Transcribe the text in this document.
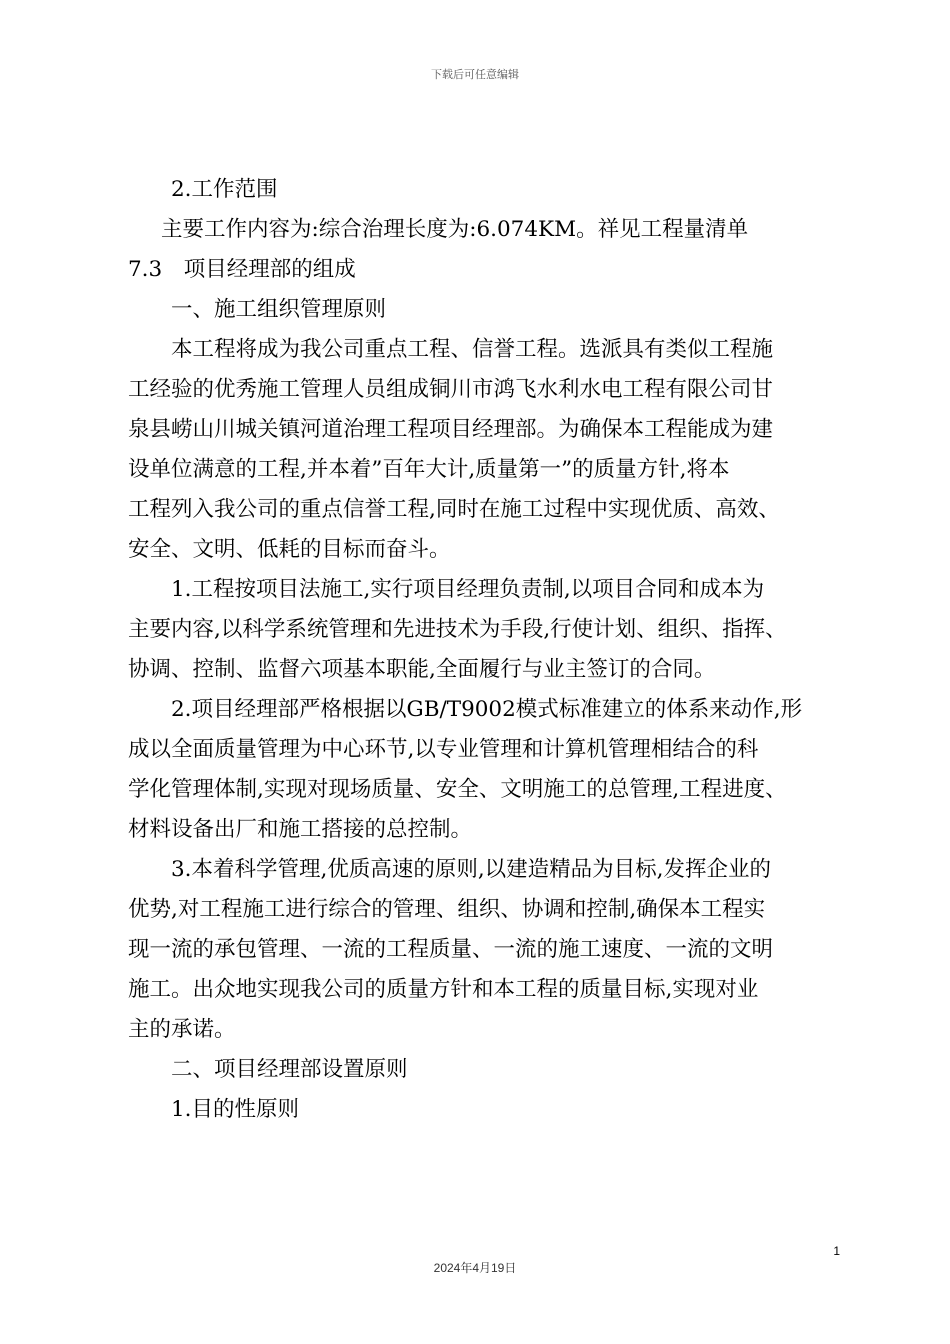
下载后可任意编辑
2.工作范围
主要工作内容为:综合治理长度为:6.074KM。祥见工程量清单
7.3　项目经理部的组成
一、施工组织管理原则
本工程将成为我公司重点工程、信誉工程。选派具有类似工程施
工经验的优秀施工管理人员组成铜川市鸿飞水利水电工程有限公司甘
泉县崂山川城关镇河道治理工程项目经理部。为确保本工程能成为建
设单位满意的工程,并本着”百年大计,质量第一”的质量方针,将本
工程列入我公司的重点信誉工程,同时在施工过程中实现优质、高效、
安全、文明、低耗的目标而奋斗。
1.工程按项目法施工,实行项目经理负责制,以项目合同和成本为
主要内容,以科学系统管理和先进技术为手段,行使计划、组织、指挥、
协调、控制、监督六项基本职能,全面履行与业主签订的合同。
2.项目经理部严格根据以GB/T9002模式标准建立的体系来动作,形
成以全面质量管理为中心环节,以专业管理和计算机管理相结合的科
学化管理体制,实现对现场质量、安全、文明施工的总管理,工程进度、
材料设备出厂和施工搭接的总控制。
3.本着科学管理,优质高速的原则,以建造精品为目标,发挥企业的
优势,对工程施工进行综合的管理、组织、协调和控制,确保本工程实
现一流的承包管理、一流的工程质量、一流的施工速度、一流的文明
施工。出众地实现我公司的质量方针和本工程的质量目标,实现对业
主的承诺。
二、项目经理部设置原则
1.目的性原则
1
2024年4月19日
